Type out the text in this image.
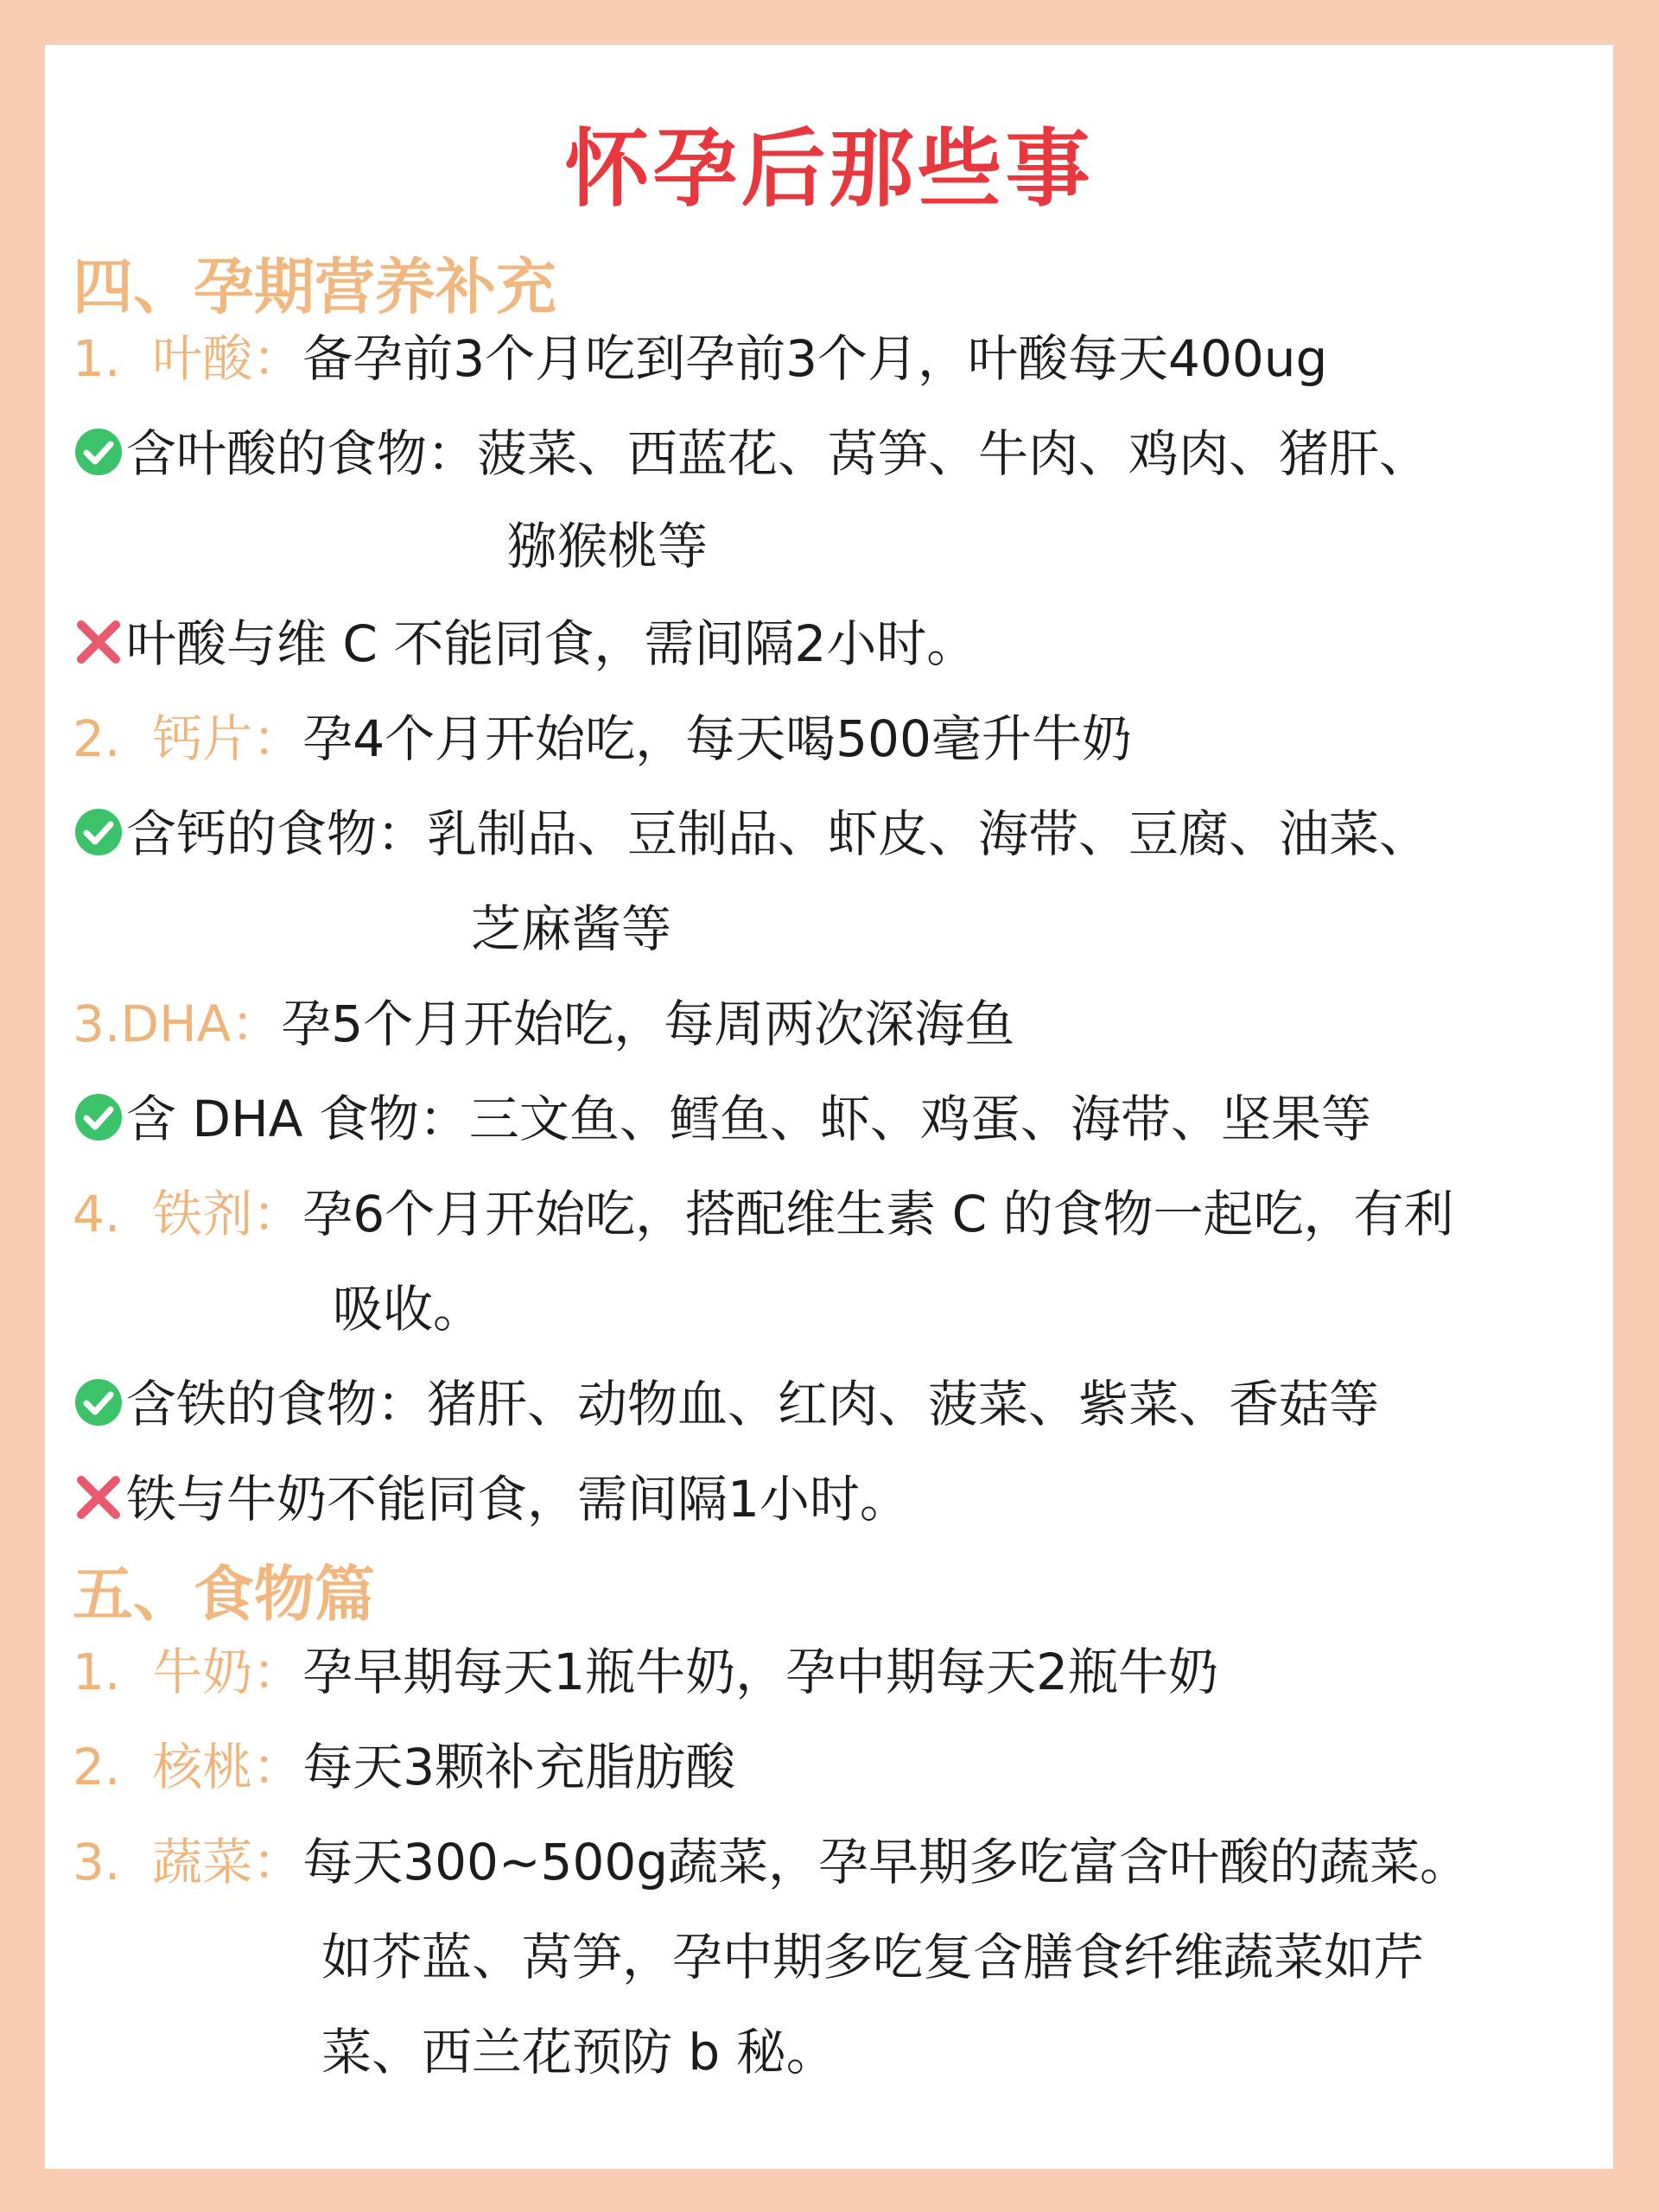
怀孕后那些事
四、孕期营养补充
1. 叶酸：备孕前3个月吃到孕前3个月，叶酸每天400ug
含叶酸的食物：菠菜、西蓝花、莴笋、牛肉、鸡肉、猪肝、
猕猴桃等
叶酸与维 C 不能同食，需间隔2小时。
2. 钙片：孕4个月开始吃，每天喝500毫升牛奶
含钙的食物：乳制品、豆制品、虾皮、海带、豆腐、油菜、
芝麻酱等
3.DHA：孕5个月开始吃，每周两次深海鱼
含 DHA 食物：三文鱼、鳕鱼、虾、鸡蛋、海带、坚果等
4. 铁剂：孕6个月开始吃，搭配维生素 C 的食物一起吃，有利
吸收。
含铁的食物：猪肝、动物血、红肉、菠菜、紫菜、香菇等
铁与牛奶不能同食，需间隔1小时。
五、食物篇
1. 牛奶：孕早期每天1瓶牛奶，孕中期每天2瓶牛奶
2. 核桃：每天3颗补充脂肪酸
3. 蔬菜：每天300~500g蔬菜，孕早期多吃富含叶酸的蔬菜。
如芥蓝、莴笋，孕中期多吃复含膳食纤维蔬菜如芹
菜、西兰花预防 b 秘。
